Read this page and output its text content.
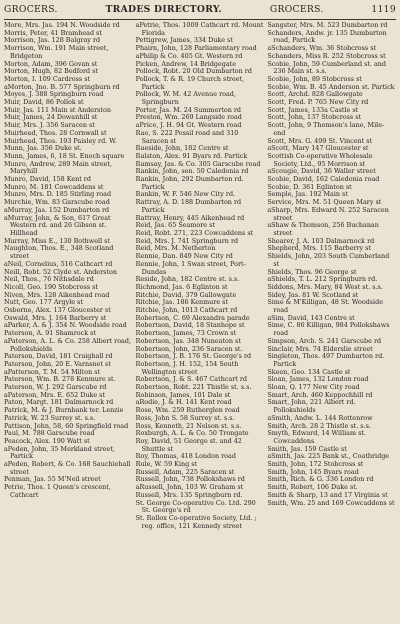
GROCERS.	TRADES DIRECTORY.	GROCERS.	1119

More, Mrs. Jas. 194 N. Woodside rd

Morris, Peter, 41 Bramhead st

Morrison, Jas. 128 Balgray rd

Morrison, Wm. 191 Main street, Bridgeton

Morton, Adam, 396 Govan st

Morton, Hugh, 82 Bedford st

Morton, I. 109 Cardross st

aMorton, Jno. B. 577 Springburn rd

Moyes, J. 388 Springburn road

Muir, David, 86 Pollok st

Muir, Jas. 111 Main st Anderston

Muir, James, 24 Dowanhill st

Muir, Mrs. J. 356 Saracen st

Muirhead, Thos. 28 Cornwall st

Muirhead, Thos. 193 Paisley rd. W.

Munn, Jas. 356 Duke st.

Munn, James, 6, 18 St. Enoch square

Munro, Andrew, 289 Main street, Maryhill

Munro, David, 158 Kent rd

Munro, M. 181 Cowcaddens st

Munro, Mrs. D. 185 Stirling road

Murchie, Wm. 83 Garscube road

aMurray, Jas. 152 Dumbarton rd

aMurray, John, & Son, 617 Great Western rd. and 26 Gibson st. Hillhead

Murray, Miss E., 130 Bothwell st

Naughton, Thos. E., 348 Scotland street

aNeil, Cornelius, 516 Cathcart rd

Neill, Robt. 52 Clyde st. Anderston

Neil, Thos., 76 Nithsdale rd

Nicoll, Geo. 190 Stobcross st

Niven, Mrs. 128 Aikenhead road

Nutt, Geo. 177 Argyle st

Osborne, Alex. 137 Gloucester st

Oswald, Mrs. J. 164 Barberry st

aParker, A. & J. 354 N. Woodside road

Paterson, A. 91 Shamrock st

aPaterson, A. L. & Co. 258 Albert road, Pollokshields

Paterson, David, 181 Craighall rd

Paterson, John, 20 E. Varnsnet st

aPatterson, T. M. 54 Milton st

Paterson, Wm. B. 278 Kenmure st.

Paterson, W. J. 292 Garscube rd

aPaterson, Mrs. E. 652 Duke st

Paton, Margt. 181 Dalmarnock rd

Patrick, M. & J. Burnbank ter. Lenzie

Patrick, W. 23 Surrey st. s.s.

Pattison, John, 58, 60 Springfield road

Paul, M. 788 Garscube road

Peacock, Alex. 190 Watt st

aPeden, John, 35 Merkland street, Partick

aPeden, Robert, & Co. 168 Sauchiehall street

Penman, Jas. 55 M'Neil street

Petrie, Thos. 1 Queen's crescent, Cathcart

aPetrie, Thos. 1009 Cathcart rd. Mount Florida

Pettigrew, James, 334 Duke st

Phairn, John, 128 Parliamentary road

aPhilip & Co. 405 Gt. Western rd

Picken, Andrew, 14 Bridgegate

Pollock, Robt. 20 Old Dumbarton rd

Pollock, T. & R. 19 Church street, Partick

Pollock, W. M. 42 Avenue road, Springburn

Porter, Jas. M. 24 Summerton rd

Preston, Wm. 269 Langside road

aPrice, J. H. 94 Gt. Western road

Rae, S. 222 Possil road and 310 Saracen st

Raeside, John, 182 Centre st

Ralston, Alex. 91 Byars rd. Partick

Ramsay, Jas. & Co. 305 Garscube road

Rankin, John, sen. 50 Caledonia rd

Rankin, John, 292 Dumbarton rd. Partick

Rankin, W. F. 546 New City rd.

Rattray, A. D. 188 Dumbarton rd Partick

Rattray, Henry, 445 Aikenhead rd

Reid, Jas. 65 Seamore st

Reid, Robt. 271, 223 Cowcaddens st

Reid, Mrs. J. 741 Springburn rd

Reid, Mrs. M. Netherton

Rennie, Dan. 849 New City rd

Rennie, John, 1 Swan street, Port-Dundas

Reside, John, 182 Centre st. s.s.

Richmond, Jas. 6 Eglinton st

Ritchie, David, 379 Gallowgate

Ritchie, Jas. 186 Kenmure st

Ritchie, John, 1013 Cathcart rd

Robertson, C. 69 Alexandra parade

Robertson, David, 18 Stanhope st

Robertson, James, 73 Crown st

Robertson, Jas. 348 Nuneaton st

Robertson, John, 236 Saracen st.

Robertson, J. B. 176 St. George's rd

Robertson, J. H. 152, 154 South Wellington street

Robertson, J. & S. 467 Cathcart rd

Robertson, Robt. 221 Thistle st. s.s.

Robinson, James, 101 Dale st

aRodie, J. & H. 141 Kent road

Rose, Wm. 259 Rutherglen road

Ross, John S. 58 Surrey st. s.s.

Ross, Kenneth, 21 Nelson st. s.s.

Roxburgh, A. L. & Co. 50 Trongate

Roy, David, 51 George st. and 42 Shuttle st

Roy, Thomas, 418 London road

Rule, W. 59 King st

Russell, Adam, 225 Saracen st

Russell, John, 738 Pollokshaws rd

aRussell, John, 103 W. Graham st

Russell, Mrs. 135 Springburn rd.

St. George Co-operative Co. Ltd. 290 St. George's rd

St. Rollox Co-operative Society, Ltd. ; reg. office, 121 Kennedy street

Sangster, Mrs. M. 523 Dumbarton rd

Schanders, Andw. jr. 135 Dumbarton road, Partick

aSchanders, Wm. 36 Stobcross st

Schanders, Miss R. 252 Stobcross st

Scobie, John, 59 Cumberland st. and 236 Main st. s.s.

Scobie, John, 89 Stobcross st

Scobie, Wm. B. 45 Anderson st. Partick

Scott, Archd. 828 Gallowgate

Scott, Fred. P. 765 New City rd

Scott, James, 133a Castle st

Scott, John, 137 Stobcross st

Scott, John, 9 Thomson's lane, Mile-end

Scott, Mrs. G. 499 St. Vincent st

aScott, Mary 147 Gloucester st

Scottish Co-operative Wholesale Society, Ltd., 95 Morrison st

aScougie, David, 36 Waller street

Scobie, David, 162 Caledonia road

Scobie, D. 361 Eglinton st

Semple, Jas. 192 Main st

Service, Mrs. M. 51 Queen Mary st

aSharp, Mrs. Edward N. 252 Saracen street

aShaw & Thomson, 256 Buchanan street

Shearer, J. A. 103 Dalmarnock rd

Shepherd, Mrs. 115 Barberry st

Shields, John, 203 South Cumberland st

Shields, Thos. 96 George st

aShields, T. L. 212 Springburn rd.

Siddons, Mrs. Mary, 84 West st. s.s.

Sidey, Jas. 81 W. Scotland st

Sime & M'Killigan, 48 St. Woodside road

aSim, David, 143 Centre st

Sime, C. 86 Killigan, 984 Pollokshaws road

Simpson, Arch. S. 241 Garscube rd

Sinclair, Mrs. 74 Elderslie street

Singleton, Thos. 497 Dumbarton rd. Partick

Skeen, Geo. 134 Castle st

Sloan, James, 132 London road

Sloan, Q. 177 New City road

Smart, Arch. 460 Keppochhill rd

Smart, John, 221 Albert rd. Pollokshields

aSmith, Andw. L. 144 Rottenrow

Smith, Arch. 28 2 Thistle st. s.s.

Smyth, Edward, 14 William st. Cowcaddens

Smith, Jas. 159 Castle st

aSmith, Jas. 225 Bank st., Coatbridge

Smith, John, 172 Stobcross st

Smith, John, 145 Byars road

Smith, Rich. & G. 336 London rd

Smith, Robert, 106 Duke st.

Smith & Sharp, 13 and 17 Virginia st

Smith, Wm. 25 and 169 Cowcaddens st
